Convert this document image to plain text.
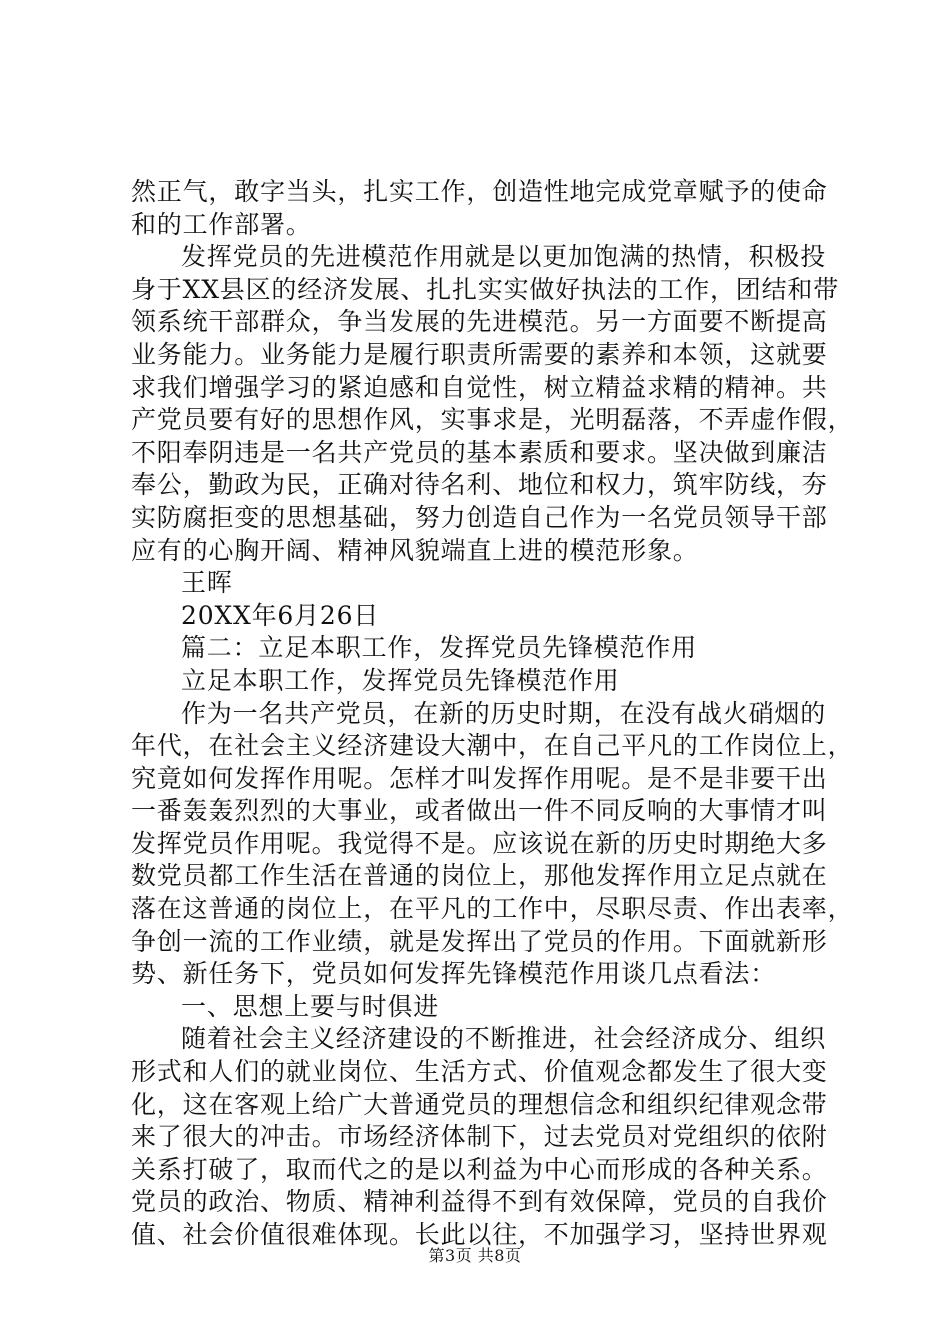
然正气，敢字当头，扎实工作，创造性地完成党章赋予的使命
和的工作部署。
发挥党员的先进模范作用就是以更加饱满的热情，积极投
身于XX县区的经济发展、扎扎实实做好执法的工作，团结和带
领系统干部群众，争当发展的先进模范。另一方面要不断提高
业务能力。业务能力是履行职责所需要的素养和本领，这就要
求我们增强学习的紧迫感和自觉性，树立精益求精的精神。共
产党员要有好的思想作风，实事求是，光明磊落，不弄虚作假，
不阳奉阴违是一名共产党员的基本素质和要求。坚决做到廉洁
奉公，勤政为民，正确对待名利、地位和权力，筑牢防线，夯
实防腐拒变的思想基础，努力创造自己作为一名党员领导干部
应有的心胸开阔、精神风貌端直上进的模范形象。
王晖
20XX年6月26日
篇二：立足本职工作，发挥党员先锋模范作用
立足本职工作，发挥党员先锋模范作用
作为一名共产党员，在新的历史时期，在没有战火硝烟的
年代，在社会主义经济建设大潮中，在自己平凡的工作岗位上，
究竟如何发挥作用呢。怎样才叫发挥作用呢。是不是非要干出
一番轰轰烈烈的大事业，或者做出一件不同反响的大事情才叫
发挥党员作用呢。我觉得不是。应该说在新的历史时期绝大多
数党员都工作生活在普通的岗位上，那他发挥作用立足点就在
落在这普通的岗位上，在平凡的工作中，尽职尽责、作出表率，
争创一流的工作业绩，就是发挥出了党员的作用。下面就新形
势、新任务下，党员如何发挥先锋模范作用谈几点看法：
一、思想上要与时俱进
随着社会主义经济建设的不断推进，社会经济成分、组织
形式和人们的就业岗位、生活方式、价值观念都发生了很大变
化，这在客观上给广大普通党员的理想信念和组织纪律观念带
来了很大的冲击。市场经济体制下，过去党员对党组织的依附
关系打破了，取而代之的是以利益为中心而形成的各种关系。
党员的政治、物质、精神利益得不到有效保障，党员的自我价
值、社会价值很难体现。长此以往，不加强学习，坚持世界观
第3页 共8页
